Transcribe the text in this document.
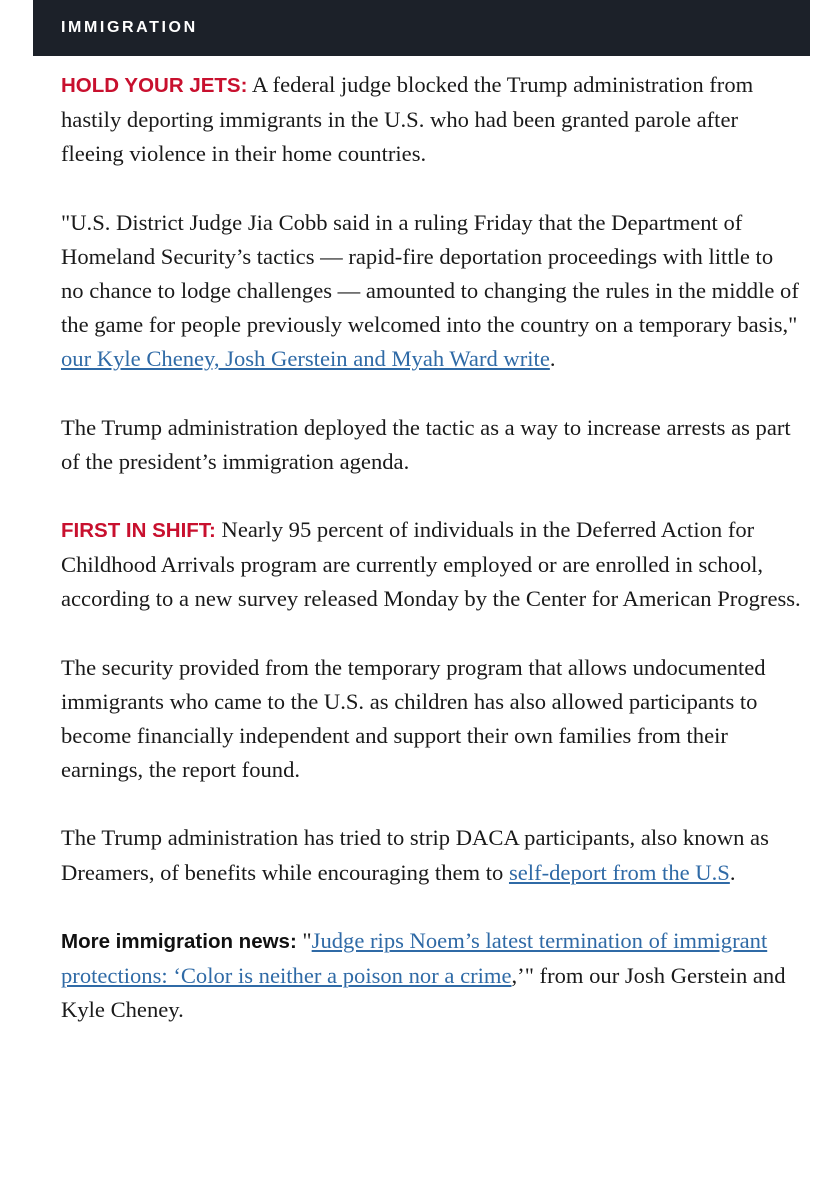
IMMIGRATION

HOLD YOUR JETS: A federal judge blocked the Trump administration from hastily deporting immigrants in the U.S. who had been granted parole after fleeing violence in their home countries.

"U.S. District Judge Jia Cobb said in a ruling Friday that the Department of Homeland Security’s tactics — rapid-fire deportation proceedings with little to no chance to lodge challenges — amounted to changing the rules in the middle of the game for people previously welcomed into the country on a temporary basis," our Kyle Cheney, Josh Gerstein and Myah Ward write.

The Trump administration deployed the tactic as a way to increase arrests as part of the president’s immigration agenda.

FIRST IN SHIFT: Nearly 95 percent of individuals in the Deferred Action for Childhood Arrivals program are currently employed or are enrolled in school, according to a new survey released Monday by the Center for American Progress.

The security provided from the temporary program that allows undocumented immigrants who came to the U.S. as children has also allowed participants to become financially independent and support their own families from their earnings, the report found.

The Trump administration has tried to strip DACA participants, also known as Dreamers, of benefits while encouraging them to self-deport from the U.S.

More immigration news: "Judge rips Noem’s latest termination of immigrant protections: ‘Color is neither a poison nor a crime,’" from our Josh Gerstein and Kyle Cheney.
